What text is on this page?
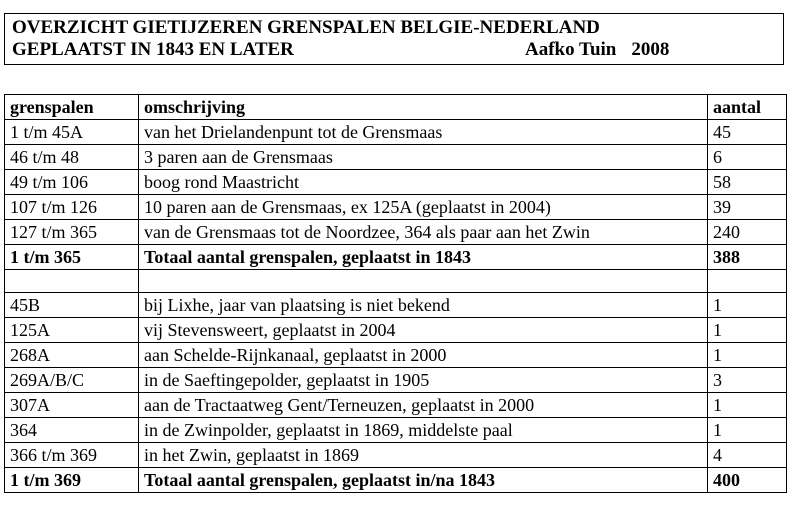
OVERZICHT GIETIJZEREN GRENSPALEN BELGIE-NEDERLAND
GEPLAATST IN 1843 EN LATER	Aafko Tuin 2008
grenspalen	omschrijving	aantal
1 t/m 45A	van het Drielandenpunt tot de Grensmaas	45
46 t/m 48	3 paren aan de Grensmaas	6
49 t/m 106	boog rond Maastricht	58
107 t/m 126	10 paren aan de Grensmaas, ex 125A (geplaatst in 2004)	39
127 t/m 365	van de Grensmaas tot de Noordzee, 364 als paar aan het Zwin	240
1 t/m 365	Totaal aantal grenspalen, geplaatst in 1843	388

45B	bij Lixhe, jaar van plaatsing is niet bekend	1
125A	vij Stevensweert, geplaatst in 2004	1
268A	aan Schelde-Rijnkanaal, geplaatst in 2000	1
269A/B/C	in de Saeftingepolder, geplaatst in 1905	3
307A	aan de Tractaatweg Gent/Terneuzen, geplaatst in 2000	1
364	in de Zwinpolder, geplaatst in 1869, middelste paal	1
366 t/m 369	in het Zwin, geplaatst in 1869	4
1 t/m 369	Totaal aantal grenspalen, geplaatst in/na 1843	400
